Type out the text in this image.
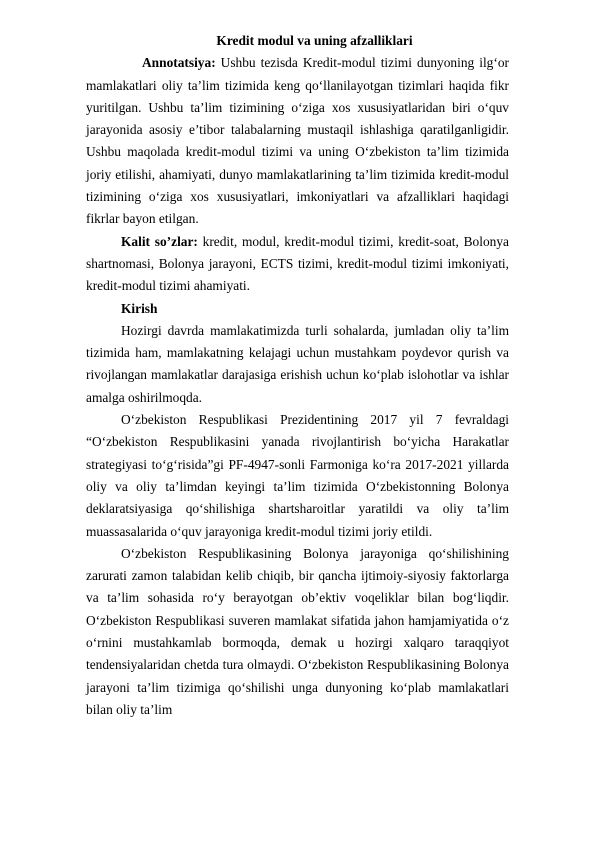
Kredit modul va uning afzalliklari

Annotatsiya: Ushbu tezisda Kredit-modul tizimi dunyoning ilg‘or mamlakatlari oliy ta’lim tizimida keng qo‘llanilayotgan tizimlari haqida fikr yuritilgan. Ushbu ta’lim tizimining o‘ziga xos xususiyatlaridan biri o‘quv jarayonida asosiy e’tibor talabalarning mustaqil ishlashiga qaratilganligidir. Ushbu maqolada kredit-modul tizimi va uning O‘zbekiston ta’lim tizimida joriy etilishi, ahamiyati, dunyo mamlakatlarining ta’lim tizimida kredit-modul tizimining o‘ziga xos xususiyatlari, imkoniyatlari va afzalliklari haqidagi fikrlar bayon etilgan.

Kalit so’zlar: kredit, modul, kredit-modul tizimi, kredit-soat, Bolonya shartnomasi, Bolonya jarayoni, ECTS tizimi, kredit-modul tizimi imkoniyati, kredit-modul tizimi ahamiyati.

Kirish

Hozirgi davrda mamlakatimizda turli sohalarda, jumladan oliy ta’lim tizimida ham, mamlakatning kelajagi uchun mustahkam poydevor qurish va rivojlangan mamlakatlar darajasiga erishish uchun ko‘plab islohotlar va ishlar amalga oshirilmoqda.

O‘zbekiston Respublikasi Prezidentining 2017 yil 7 fevraldagi “O‘zbekiston Respublikasini yanada rivojlantirish bo‘yicha Harakatlar strategiyasi to‘g‘risida”gi PF-4947-sonli Farmoniga ko‘ra 2017-2021 yillarda oliy va oliy ta’limdan keyingi ta’lim tizimida O‘zbekistonning Bolonya deklaratsiyasiga qo‘shilishiga shartsharoitlar yaratildi va oliy ta’lim muassasalarida o‘quv jarayoniga kredit-modul tizimi joriy etildi.

O‘zbekiston Respublikasining Bolonya jarayoniga qo‘shilishining zarurati zamon talabidan kelib chiqib, bir qancha ijtimoiy-siyosiy faktorlarga va ta’lim sohasida ro‘y berayotgan ob’ektiv voqeliklar bilan bog‘liqdir. O‘zbekiston Respublikasi suveren mamlakat sifatida jahon hamjamiyatida o‘z o‘rnini mustahkamlab bormoqda, demak u hozirgi xalqaro taraqqiyot tendensiyalaridan chetda tura olmaydi. O‘zbekiston Respublikasining Bolonya jarayoni ta’lim tizimiga qo‘shilishi unga dunyoning ko‘plab mamlakatlari bilan oliy ta’lim
